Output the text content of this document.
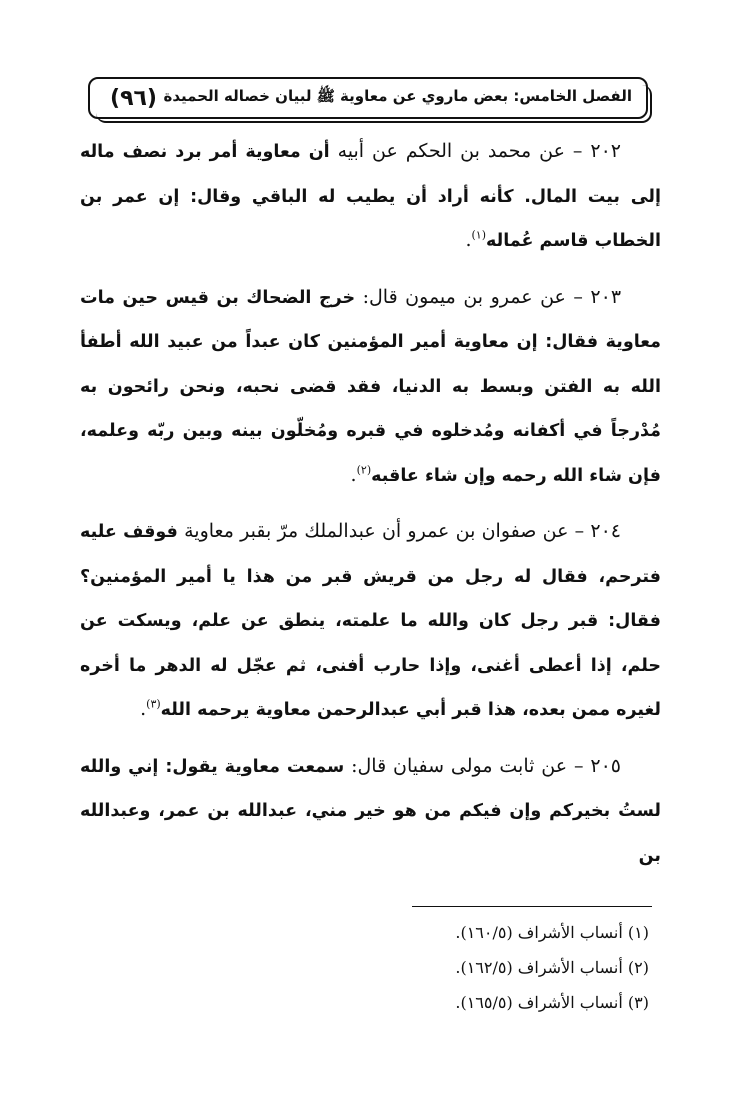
الفصل الخامس: بعض ماروي عن معاوية ﷺ لبيان خصاله الحميدة
(٩٦)

٢٠٢ – عن محمد بن الحكم عن أبيه أن معاوية أمر برد نصف ماله إلى بيت المال. كأنه أراد أن يطيب له الباقي وقال: إن عمر بن الخطاب قاسم عُماله$^{(١)}$.

٢٠٣ – عن عمرو بن ميمون قال: خرج الضحاك بن قيس حين مات معاوية فقال: إن معاوية أمير المؤمنين كان عبداً من عبيد الله أطفأ الله به الفتن وبسط به الدنيا، فقد قضى نحبه، ونحن رائحون به مُدْرجاً في أكفانه ومُدخلوه في قبره ومُخلّون بينه وبين ربّه وعلمه، فإن شاء الله رحمه وإن شاء عاقبه$^{(٢)}$.

٢٠٤ – عن صفوان بن عمرو أن عبدالملك مرّ بقبر معاوية فوقف عليه فترحم، فقال له رجل من قريش قبر من هذا يا أمير المؤمنين؟ فقال: قبر رجل كان والله ما علمته، ينطق عن علم، ويسكت عن حلم، إذا أعطى أغنى، وإذا حارب أفنى، ثم عجّل له الدهر ما أخره لغيره ممن بعده، هذا قبر أبي عبدالرحمن معاوية يرحمه الله$^{(٣)}$.

٢٠٥ – عن ثابت مولى سفيان قال: سمعت معاوية يقول: إني والله لستُ بخيركم وإن فيكم من هو خير مني، عبدالله بن عمر، وعبدالله بن

(١) أنساب الأشراف (١٦٠/٥).
(٢) أنساب الأشراف (١٦٢/٥).
(٣) أنساب الأشراف (١٦٥/٥).
